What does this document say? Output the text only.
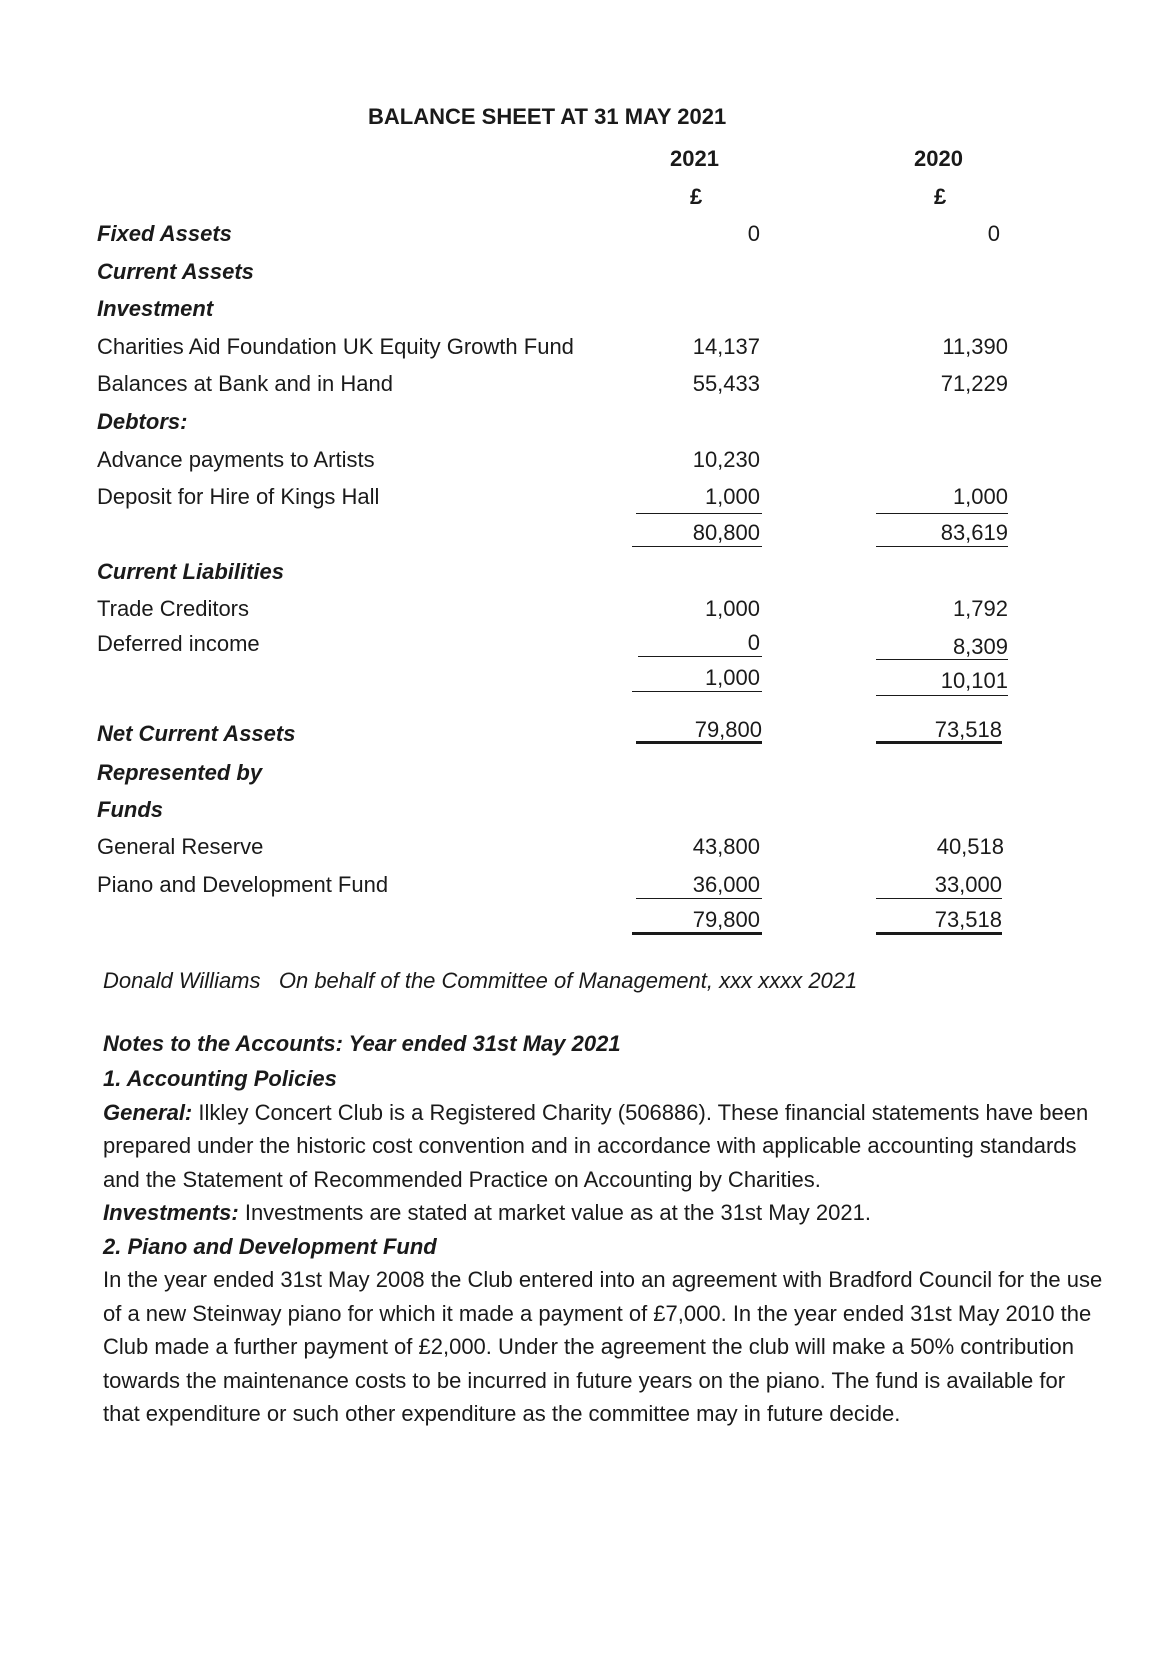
BALANCE SHEET AT 31 MAY 2021
2021	2020
£	£
Fixed Assets	0	0
Current Assets
Investment
Charities Aid Foundation UK Equity Growth Fund	14,137	11,390
Balances at Bank and in Hand	55,433	71,229
Debtors:
Advance payments to Artists	10,230
Deposit for Hire of Kings Hall	1,000	1,000
80,800	83,619
Current Liabilities
Trade Creditors	1,000	1,792
Deferred income	0	8,309
1,000	10,101
Net Current Assets	79,800	73,518
Represented by
Funds
General Reserve	43,800	40,518
Piano and Development Fund	36,000	33,000
79,800	73,518
Donald Williams On behalf of the Committee of Management, xxx xxxx 2021
Notes to the Accounts: Year ended 31st May 2021

1. Accounting Policies

General: Ilkley Concert Club is a Registered Charity (506886). These financial statements have been prepared under the historic cost convention and in accordance with applicable accounting standards and the Statement of Recommended Practice on Accounting by Charities.

Investments: Investments are stated at market value as at the 31st May 2021.

2. Piano and Development Fund

In the year ended 31st May 2008 the Club entered into an agreement with Bradford Council for the use of a new Steinway piano for which it made a payment of £7,000. In the year ended 31st May 2010 the Club made a further payment of £2,000. Under the agreement the club will make a 50% contribution towards the maintenance costs to be incurred in future years on the piano. The fund is available for that expenditure or such other expenditure as the committee may in future decide.
